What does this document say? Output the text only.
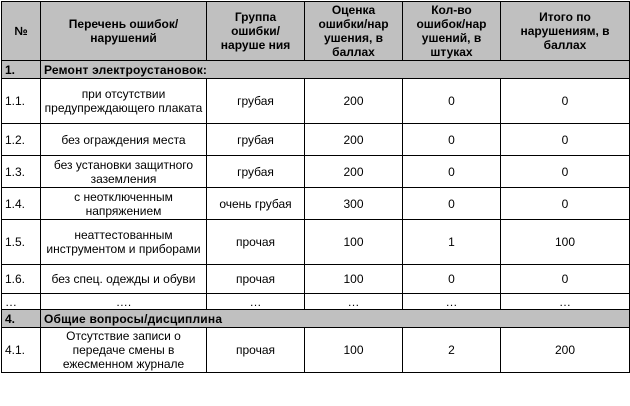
№	Перечень ошибок/нарушений	Группа ошибки/наруше ния	Оценка ошибки/нар ушения, в баллах	Кол-во ошибок/нар ушений, в штуках	Итого по нарушениям, в баллах
1.	Ремонт электроустановок:				
1.1.	при отсутствии предупреждающего плаката	грубая	200	0	0
1.2.	без ограждения места	грубая	200	0	0
1.3.	без установки защитного заземления	грубая	200	0	0
1.4.	с неотключенным напряжением	очень грубая	300	0	0
1.5.	неаттестованным инструментом и приборами	прочая	100	1	100
1.6.	без спец. одежды и обуви	прочая	100	0	0
…	….	…	…	…	…
4.	Общие вопросы/дисциплина				
4.1.	Отсутствие записи о передаче смены в ежесменном журнале	прочая	100	2	200
